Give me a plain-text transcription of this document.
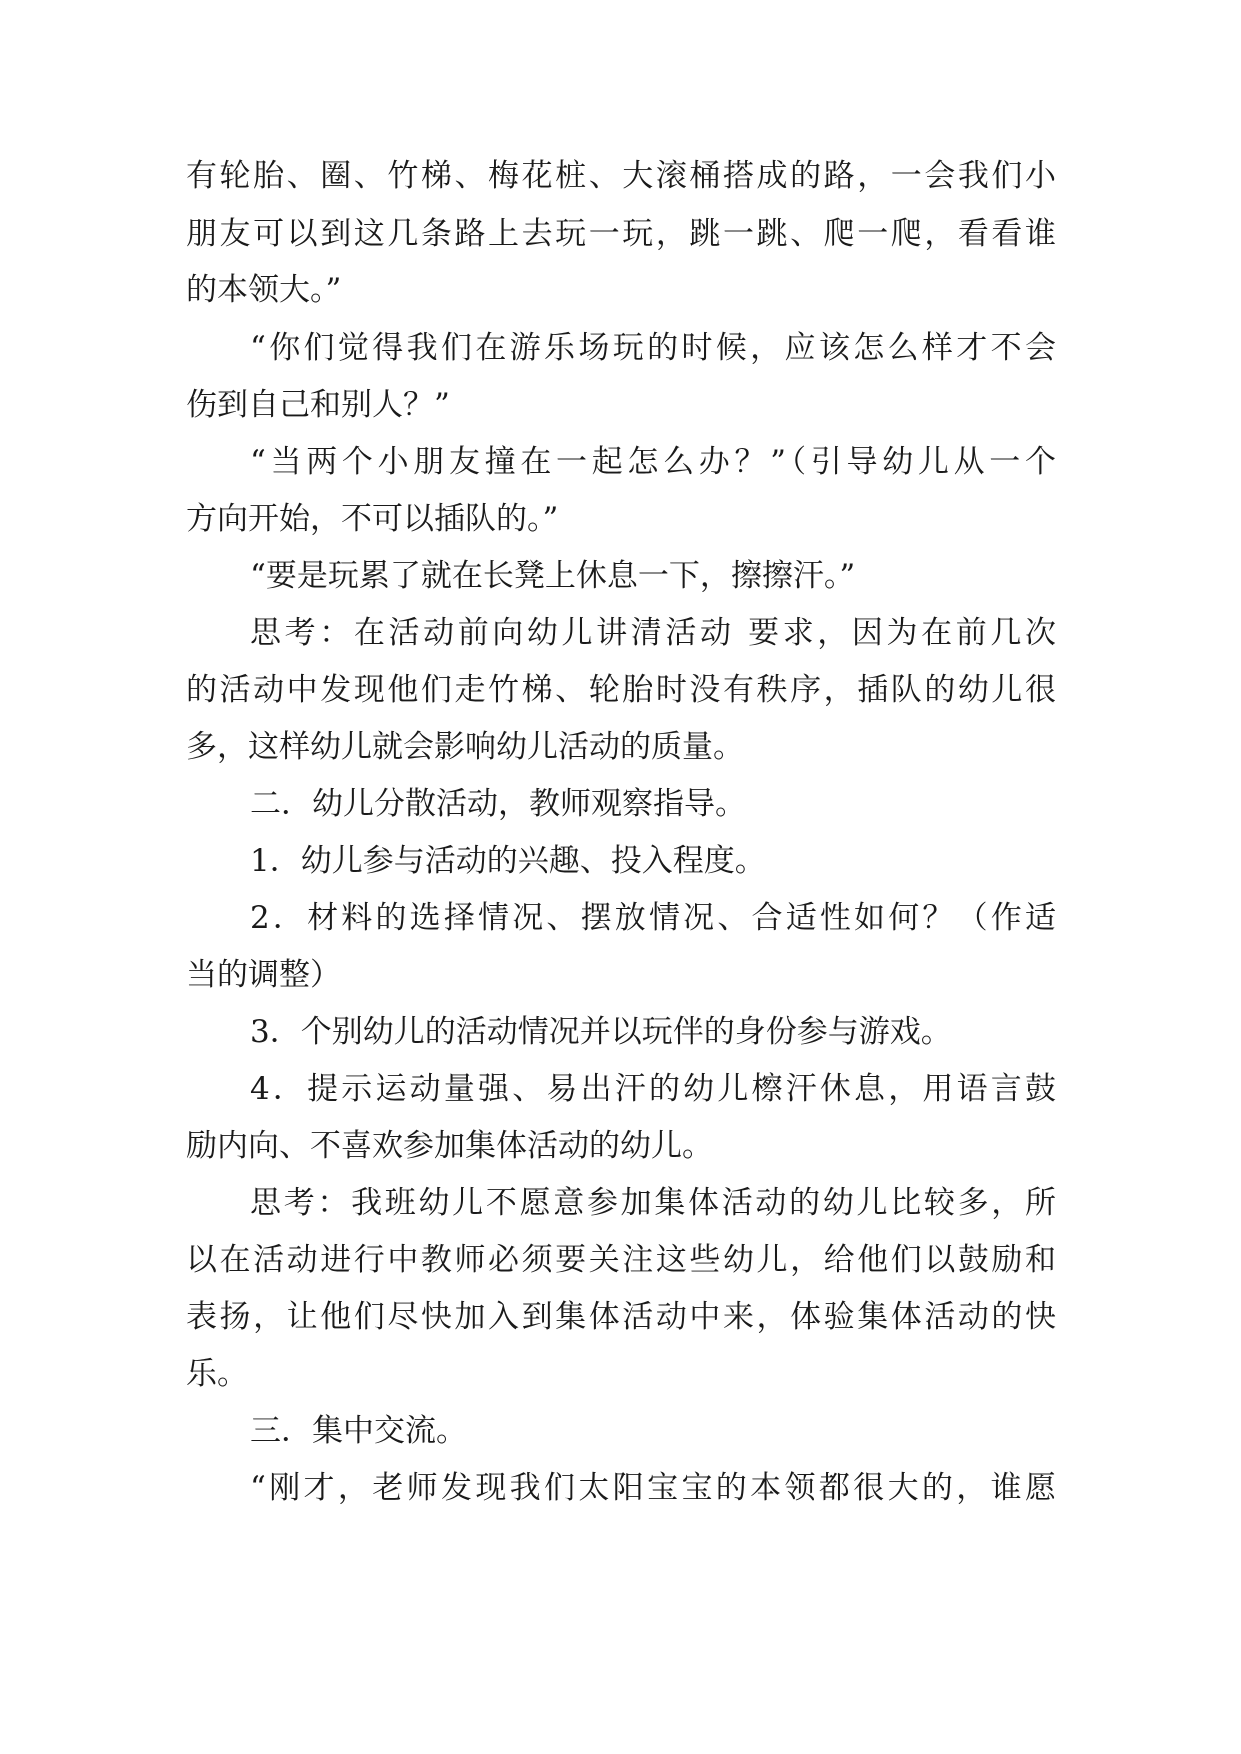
有轮胎、圈、竹梯、梅花桩、大滚桶搭成的路，一会我们小
朋友可以到这几条路上去玩一玩，跳一跳、爬一爬，看看谁
的本领大。”
“你们觉得我们在游乐场玩的时候，应该怎么样才不会
伤到自己和别人？”
“当两个小朋友撞在一起怎么办？”（引导幼儿从一个
方向开始，不可以插队的。”
“要是玩累了就在长凳上休息一下，擦擦汗。”
思考：在活动前向幼儿讲清活动 要求，因为在前几次
的活动中发现他们走竹梯、轮胎时没有秩序，插队的幼儿很
多，这样幼儿就会影响幼儿活动的质量。
二．幼儿分散活动，教师观察指导。
1．幼儿参与活动的兴趣、投入程度。
2．材料的选择情况、摆放情况、合适性如何？（作适
当的调整）
3．个别幼儿的活动情况并以玩伴的身份参与游戏。
4．提示运动量强、易出汗的幼儿檫汗休息，用语言鼓
励内向、不喜欢参加集体活动的幼儿。
思考：我班幼儿不愿意参加集体活动的幼儿比较多，所
以在活动进行中教师必须要关注这些幼儿，给他们以鼓励和
表扬，让他们尽快加入到集体活动中来，体验集体活动的快
乐。
三．集中交流。
“刚才，老师发现我们太阳宝宝的本领都很大的，谁愿
